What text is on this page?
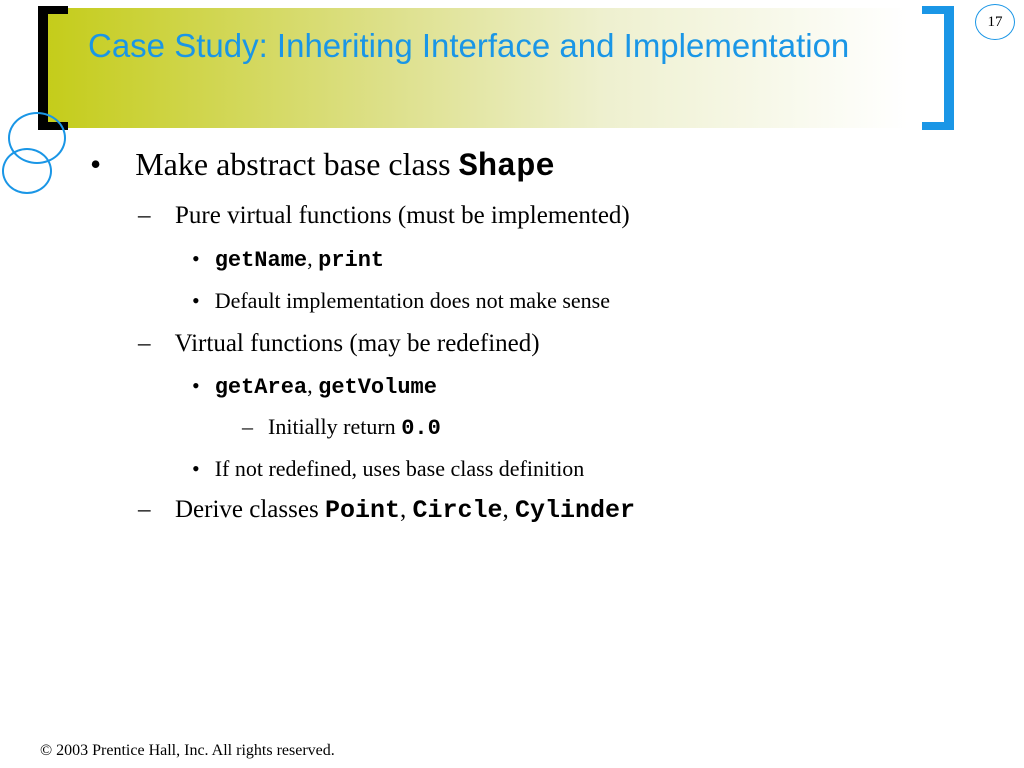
17
Case Study: Inheriting Interface and Implementation
• Make abstract base class Shape
– Pure virtual functions (must be implemented)
• getName, print
• Default implementation does not make sense
– Virtual functions (may be redefined)
• getArea, getVolume
– Initially return 0.0
• If not redefined, uses base class definition
– Derive classes Point, Circle, Cylinder
© 2003 Prentice Hall, Inc. All rights reserved.
